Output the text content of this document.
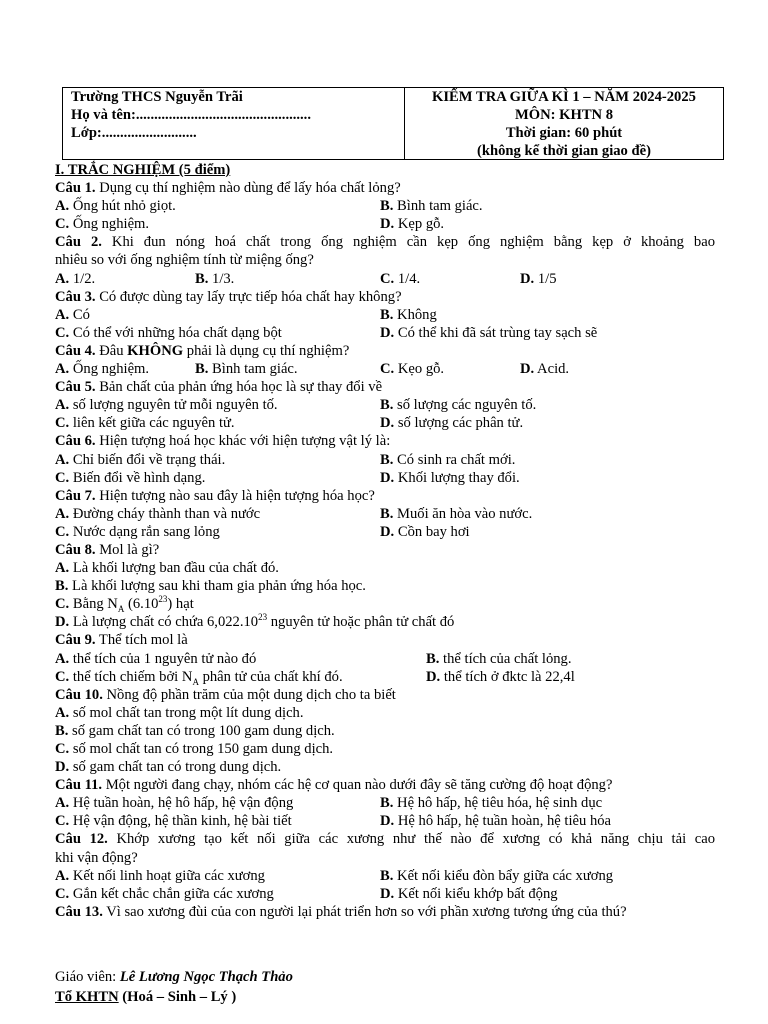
Trường THCS Nguyễn Trãi
Họ và tên:................................................
Lớp:..........................
KIỂM TRA GIỮA KÌ 1 – NĂM 2024-2025
MÔN: KHTN 8
Thời gian: 60 phút
(không kể thời gian giao đề)
I. TRẮC NGHIỆM (5 điểm)
Câu 1. Dụng cụ thí nghiệm nào dùng để lấy hóa chất lỏng?
A. Ống hút nhỏ giọt.	B. Bình tam giác.
C. Ống nghiệm.	D. Kẹp gỗ.
Câu 2. Khi đun nóng hoá chất trong ống nghiệm cần kẹp ống nghiệm bằng kẹp ở khoảng bao
nhiêu so với ống nghiệm tính từ miệng ống?
A. 1/2.	B. 1/3.	C. 1/4.	D. 1/5
Câu 3. Có được dùng tay lấy trực tiếp hóa chất hay không?
A. Có	B. Không
C. Có thể với những hóa chất dạng bột	D. Có thể khi đã sát trùng tay sạch sẽ
Câu 4. Đâu KHÔNG phải là dụng cụ thí nghiệm?
A. Ống nghiệm.	B. Bình tam giác.	C. Kẹo gỗ.	D. Acid.
Câu 5. Bản chất của phản ứng hóa học là sự thay đổi về
A. số lượng nguyên tử mỗi nguyên tố.	B. số lượng các nguyên tố.
C. liên kết giữa các nguyên tử.	D. số lượng các phân tử.
Câu 6. Hiện tượng hoá học khác với hiện tượng vật lý là:
A. Chỉ biến đổi về trạng thái.	B. Có sinh ra chất mới.
C. Biến đổi về hình dạng.	D. Khối lượng thay đổi.
Câu 7. Hiện tượng nào sau đây là hiện tượng hóa học?
A. Đường cháy thành than và nước	B. Muối ăn hòa vào nước.
C. Nước dạng rắn sang lỏng	D. Cồn bay hơi
Câu 8. Mol là gì?
A. Là khối lượng ban đầu của chất đó.
B. Là khối lượng sau khi tham gia phản ứng hóa học.
C. Bằng $N_A$ (6.10$^{23}$) hạt
D. Là lượng chất có chứa 6,022.10$^{23}$ nguyên tử hoặc phân tử chất đó
Câu 9. Thể tích mol là
A. thể tích của 1 nguyên tử nào đó	B. thể tích của chất lỏng.
C. thể tích chiếm bởi $N_A$ phân tử của chất khí đó.	D. thể tích ở đktc là 22,4l
Câu 10. Nồng độ phần trăm của một dung dịch cho ta biết
A. số mol chất tan trong một lít dung dịch.
B. số gam chất tan có trong 100 gam dung dịch.
C. số mol chất tan có trong 150 gam dung dịch.
D. số gam chất tan có trong dung dịch.
Câu 11. Một người đang chạy, nhóm các hệ cơ quan nào dưới đây sẽ tăng cường độ hoạt động?
A. Hệ tuần hoàn, hệ hô hấp, hệ vận động	B. Hệ hô hấp, hệ tiêu hóa, hệ sinh dục
C. Hệ vận động, hệ thần kinh, hệ bài tiết	D. Hệ hô hấp, hệ tuần hoàn, hệ tiêu hóa
Câu 12. Khớp xương tạo kết nối giữa các xương như thế nào để xương có khả năng chịu tải cao
khi vận động?
A. Kết nối linh hoạt giữa các xương	B. Kết nối kiểu đòn bẩy giữa các xương
C. Gắn kết chắc chắn giữa các xương	D. Kết nối kiểu khớp bất động
Câu 13. Vì sao xương đùi của con người lại phát triển hơn so với phần xương tương ứng của thú?
Giáo viên: Lê Lương Ngọc Thạch Thảo
Tổ KHTN (Hoá – Sinh – Lý )
